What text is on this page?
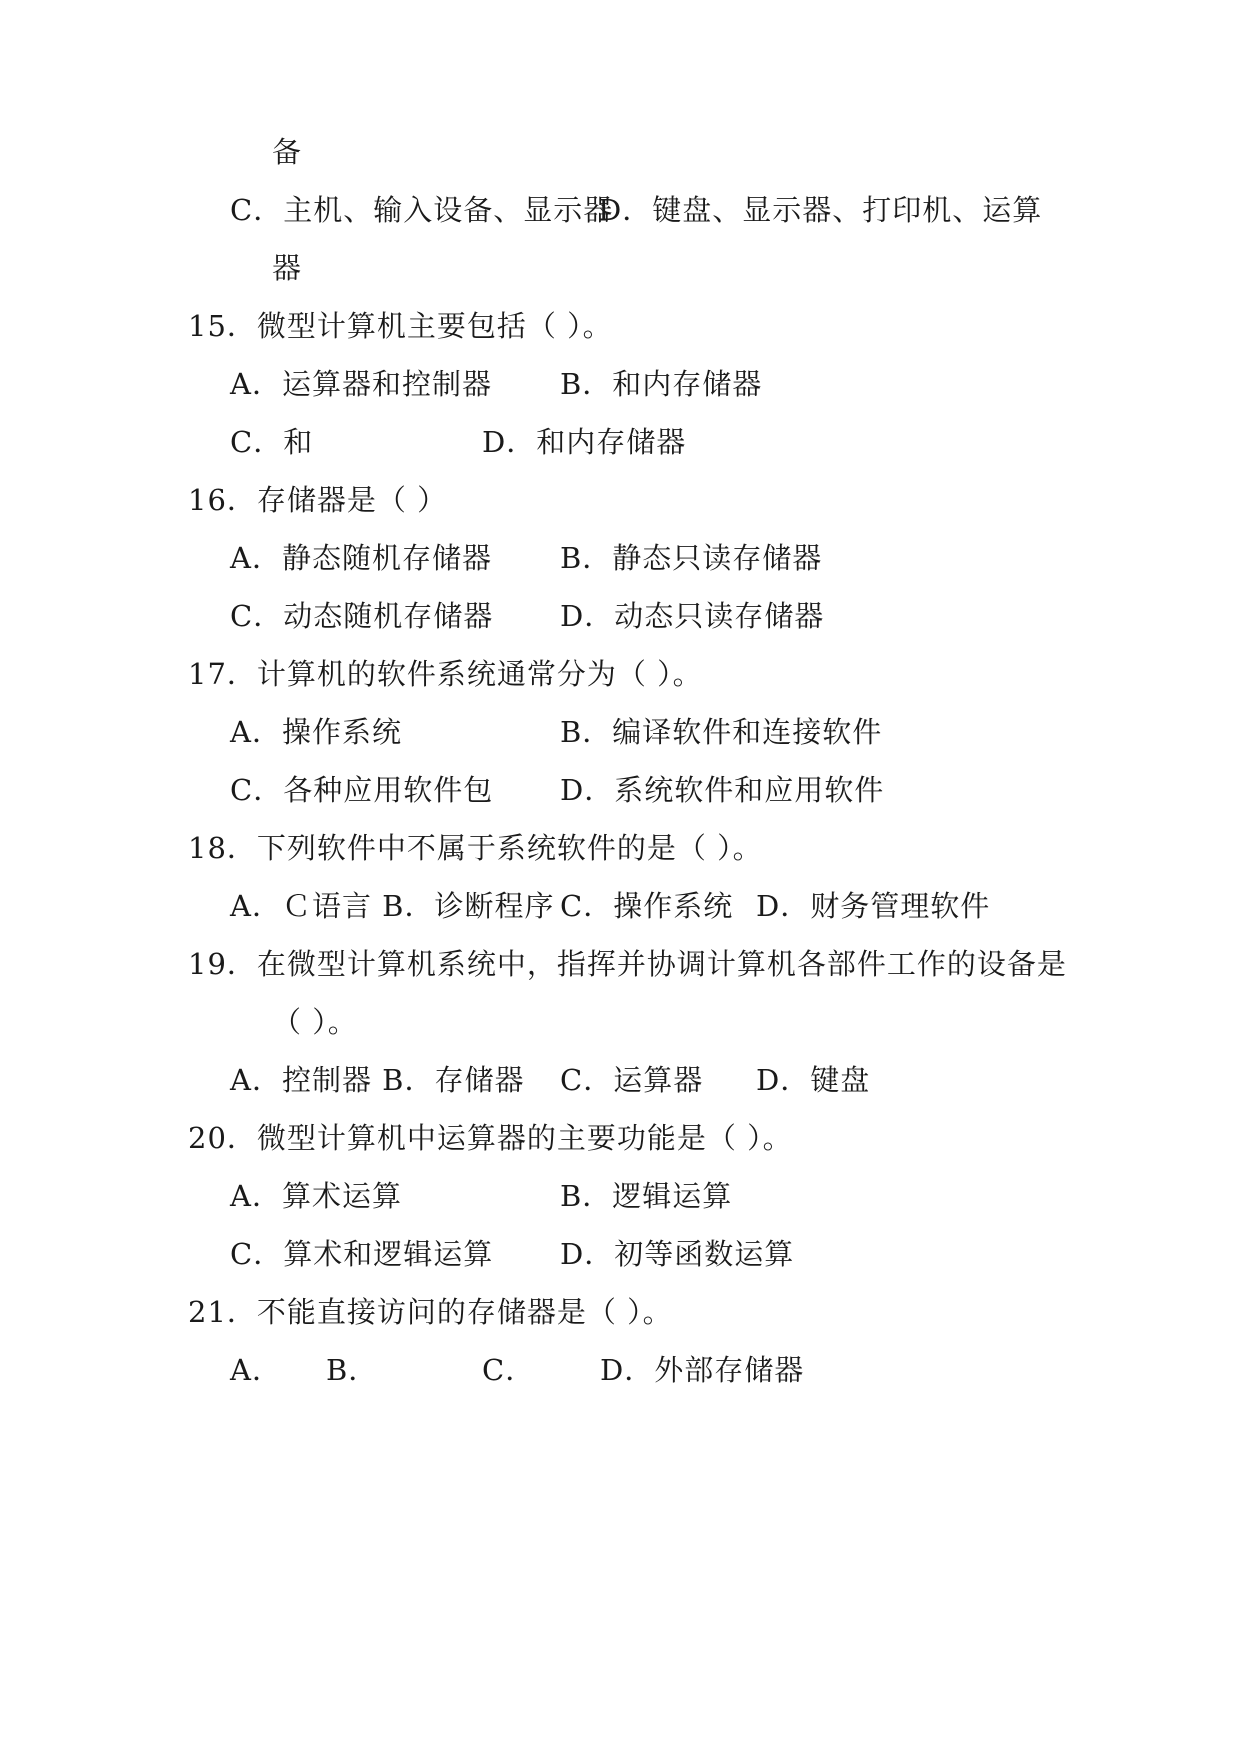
备
C．主机、输入设备、显示器
D．键盘、显示器、打印机、运算
器
15．微型计算机主要包括（ ）。
A．运算器和控制器 B．和内存储器
C．和	D．和内存储器
16．存储器是（ ）
A．静态随机存储器 B．静态只读存储器
C．动态随机存储器 D．动态只读存储器
17．计算机的软件系统通常分为（ ）。
A．操作系统	B．编译软件和连接软件
C．各种应用软件包 D．系统软件和应用软件
18．下列软件中不属于系统软件的是（ ）。
A．Ｃ语言 B．诊断程序 C．操作系统 D．财务管理软件
19．在微型计算机系统中，指挥并协调计算机各部件工作的设备是
（ ）。
A．控制器 B．存储器 C．运算器 D．键盘
20．微型计算机中运算器的主要功能是（ ）。
A．算术运算	B．逻辑运算
C．算术和逻辑运算 D．初等函数运算
21．不能直接访问的存储器是（ ）。
A． B．	C． D．外部存储器
